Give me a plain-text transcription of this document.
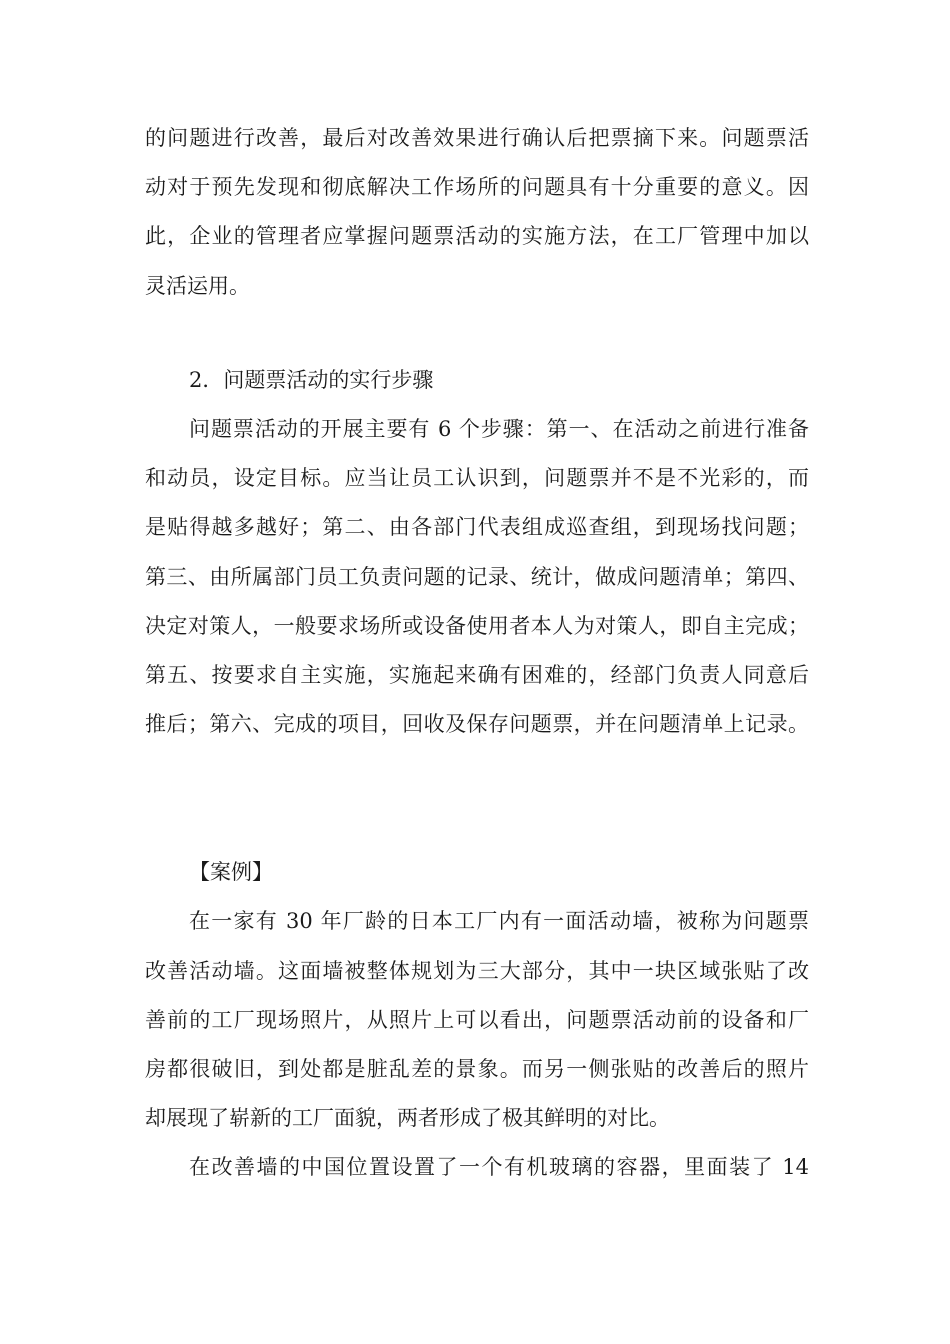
的问题进行改善，最后对改善效果进行确认后把票摘下来。问题票活
动对于预先发现和彻底解决工作场所的问题具有十分重要的意义。因
此，企业的管理者应掌握问题票活动的实施方法，在工厂管理中加以
灵活运用。
2．问题票活动的实行步骤
问题票活动的开展主要有 6 个步骤：第一、在活动之前进行准备
和动员，设定目标。应当让员工认识到，问题票并不是不光彩的，而
是贴得越多越好；第二、由各部门代表组成巡查组，到现场找问题；
第三、由所属部门员工负责问题的记录、统计，做成问题清单；第四、
决定对策人，一般要求场所或设备使用者本人为对策人，即自主完成；
第五、按要求自主实施，实施起来确有困难的，经部门负责人同意后
推后；第六、完成的项目，回收及保存问题票，并在问题清单上记录。
【案例】
在一家有 30 年厂龄的日本工厂内有一面活动墙，被称为问题票
改善活动墙。这面墙被整体规划为三大部分，其中一块区域张贴了改
善前的工厂现场照片，从照片上可以看出，问题票活动前的设备和厂
房都很破旧，到处都是脏乱差的景象。而另一侧张贴的改善后的照片
却展现了崭新的工厂面貌，两者形成了极其鲜明的对比。
在改善墙的中国位置设置了一个有机玻璃的容器，里面装了 14
